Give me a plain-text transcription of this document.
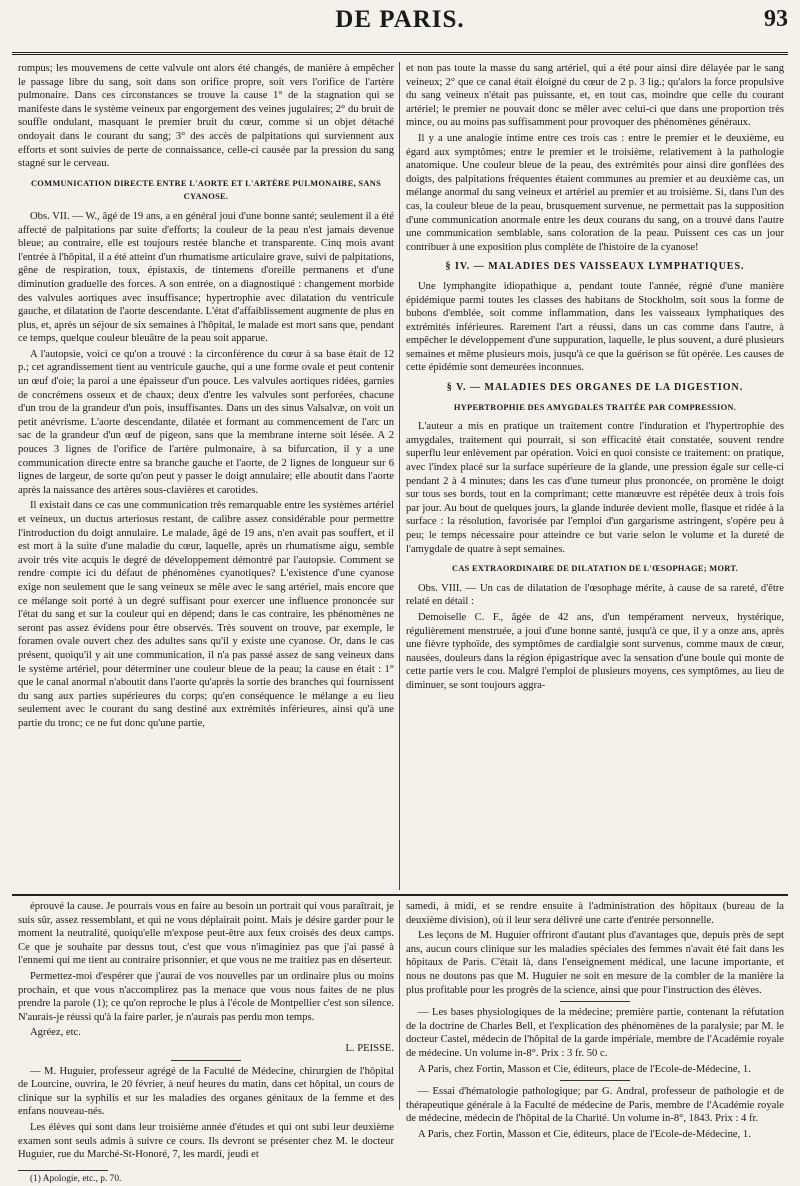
DE PARIS.	93

rompus; les mouvemens de cette valvule ont alors été changés, de manière à empêcher le passage libre du sang, soit dans son orifice propre, soit vers l'orifice de l'artère pulmonaire. Dans ces circonstances se trouve la cause 1° de la stagnation qui se manifeste dans le système veineux par engorgement des veines jugulaires; 2° du bruit de souffle ondulant, masquant le premier bruit du cœur, comme si un objet détaché ondoyait dans le courant du sang; 3° des accès de palpitations qui surviennent aux efforts et sont suivies de perte de connaissance, celle-ci causée par la pression du sang stagné sur le cerveau.

COMMUNICATION DIRECTE ENTRE L'AORTE ET L'ARTÈRE PULMONAIRE, SANS CYANOSE.

Obs. VII. — W., âgé de 19 ans, a en général joui d'une bonne santé; seulement il a été affecté de palpitations par suite d'efforts; la couleur de la peau n'est jamais devenue bleue; au contraire, elle est toujours restée blanche et transparente. Cinq mois avant l'entrée à l'hôpital, il a été atteint d'un rhumatisme articulaire grave, suivi de palpitations, gêne de respiration, toux, épistaxis, de tintemens d'oreille permanens et d'une diminution graduelle des forces. A son entrée, on a diagnostiqué : changement morbide des valvules aortiques avec insuffisance; hypertrophie avec dilatation du ventricule gauche, et dilatation de l'aorte descendante. L'état d'affaiblissement augmente de plus en plus, et, après un séjour de six semaines à l'hôpital, le malade est mort sans que, pendant ce temps, quelque couleur bleuâtre de la peau soit apparue.

A l'autopsie, voici ce qu'on a trouvé : la circonférence du cœur à sa base était de 12 p.; cet agrandissement tient au ventricule gauche, qui a une forme ovale et peut contenir un œuf d'oie; la paroi a une épaisseur d'un pouce. Les valvules aortiques ridées, garnies de concrémens osseux et de chaux; deux d'entre les valvules sont perforées, chacune d'un trou de la grandeur d'un pois, insuffisantes. Dans un des sinus Valsalvæ, on voit un petit anévrisme. L'aorte descendante, dilatée et formant au commencement de l'arc un sac de la grandeur d'un œuf de pigeon, sans que la membrane interne soit lésée. A 2 pouces 3 lignes de l'orifice de l'artère pulmonaire, à sa bifurcation, il y a une communication directe entre sa branche gauche et l'aorte, de 2 lignes de longueur sur 6 lignes de largeur, de sorte qu'on peut y passer le doigt annulaire; elle aboutit dans l'aorte après la naissance des artères sous-clavières et carotides.

Il existait dans ce cas une communication très remarquable entre les systèmes artériel et veineux, un ductus arteriosus restant, de calibre assez considérable pour permettre l'introduction du doigt annulaire. Le malade, âgé de 19 ans, n'en avait pas souffert, et il est mort à la suite d'une maladie du cœur, laquelle, après un rhumatisme aigu, semble avoir très vite acquis le degré de développement démontré par l'autopsie. Comment se rendre compte ici du défaut de phénomènes cyanotiques? L'existence d'une cyanose exige non seulement que le sang veineux se mêle avec le sang artériel, mais encore que ce mélange soit porté à un degré suffisant pour exercer une influence prononcée sur l'état du sang et sur la couleur qui en dépend; dans le cas contraire, les phénomènes ne seront pas assez évidens pour être observés. Très souvent on trouve, par exemple, le foramen ovale ouvert chez des adultes sans qu'il y existe une cyanose. Or, dans le cas présent, quoiqu'il y ait une communication, il n'a pas passé assez de sang veineux dans le système artériel, pour déterminer une couleur bleue de la peau; la cause en était : 1° que le canal anormal n'aboutit dans l'aorte qu'après la sortie des branches qui fournissent du sang aux parties supérieures du corps; qu'en conséquence le mélange a eu lieu seulement avec le courant du sang destiné aux extrémités inférieures, ainsi qu'à une partie du tronc; ce ne fut donc qu'une partie,

et non pas toute la masse du sang artériel, qui a été pour ainsi dire délayée par le sang veineux; 2° que ce canal était éloigné du cœur de 2 p. 3 lig.; qu'alors la force propulsive du sang veineux n'était pas puissante, et, en tout cas, moindre que celle du courant artériel; le premier ne pouvait donc se mêler avec celui-ci que dans une proportion très mince, ou au moins pas suffisamment pour provoquer des phénomènes généraux.

Il y a une analogie intime entre ces trois cas : entre le premier et le deuxième, eu égard aux symptômes; entre le premier et le troisième, relativement à la pathologie anatomique. Une couleur bleue de la peau, des extrémités pour ainsi dire gonflées des doigts, des palpitations fréquentes étaient communes au premier et au deuxième cas, un mélange anormal du sang veineux et artériel au premier et au troisième. Si, dans l'un des cas, la couleur bleue de la peau, brusquement survenue, ne permettait pas la supposition d'une communication anormale entre les deux courans du sang, on a trouvé dans l'autre une communication semblable, sans coloration de la peau. Puissent ces cas un jour contribuer à une exposition plus complète de l'histoire de la cyanose!

§ IV. — MALADIES DES VAISSEAUX LYMPHATIQUES.

Une lymphangite idiopathique a, pendant toute l'année, régné d'une manière épidémique parmi toutes les classes des habitans de Stockholm, soit sous la forme de bubons d'emblée, soit comme inflammation, dans les vaisseaux lymphatiques des extrémités inférieures. Rarement l'art a réussi, dans un cas comme dans l'autre, à empêcher le développement d'une suppuration, laquelle, le plus souvent, a duré plusieurs semaines et même plusieurs mois, jusqu'à ce que la guérison se fût opérée. Les causes de cette épidémie sont demeurées inconnues.

§ V. — MALADIES DES ORGANES DE LA DIGESTION.
HYPERTROPHIE DES AMYGDALES TRAITÉE PAR COMPRESSION.

L'auteur a mis en pratique un traitement contre l'induration et l'hypertrophie des amygdales, traitement qui pourrait, si son efficacité était constatée, souvent rendre superflu leur enlèvement par opération. Voici en quoi consiste ce traitement: on pratique, avec l'index placé sur la surface supérieure de la glande, une pression égale sur celle-ci pendant 2 à 4 minutes; dans les cas d'une tumeur plus prononcée, on promène le doigt sur tous ses bords, tout en la comprimant; cette manœuvre est répétée deux à trois fois par jour. Au bout de quelques jours, la glande indurée devient molle, flasque et ridée à la surface : la résolution, favorisée par l'emploi d'un gargarisme astringent, s'opère peu à peu; le temps nécessaire pour atteindre ce but varie selon le volume et la dureté de l'amygdale de quatre à sept semaines.

CAS EXTRAORDINAIRE DE DILATATION DE L'ŒSOPHAGE; MORT.

Obs. VIII. — Un cas de dilatation de l'œsophage mérite, à cause de sa rareté, d'être relaté en détail :

Demoiselle C. F., âgée de 42 ans, d'un tempérament nerveux, hystérique, régulièrement menstruée, a joui d'une bonne santé, jusqu'à ce que, il y a onze ans, après une fièvre typhoïde, des symptômes de cardialgie sont survenus, comme maux de cœur, nausées, douleurs dans la région épigastrique avec la sensation d'une boule qui monte de cette partie vers le cou. Malgré l'emploi de plusieurs moyens, ces symptômes, au lieu de diminuer, se sont toujours aggra-

éprouvé la cause. Je pourrais vous en faire au besoin un portrait qui vous paraîtrait, je suis sûr, assez ressemblant, et qui ne vous déplairait point. Mais je désire garder pour le moment la neutralité, quoiqu'elle m'expose peut-être aux feux croisés des deux camps. Ce que je souhaite par dessus tout, c'est que vous n'imaginiez pas que j'ai passé à l'ennemi qui me tient au contraire prisonnier, et que vous ne me traitiez pas en déserteur.

Permettez-moi d'espérer que j'aurai de vos nouvelles par un ordinaire plus ou moins prochain, et que vous n'accomplirez pas la menace que vous nous faites de ne plus prendre la parole (1); ce qu'on reproche le plus à l'école de Montpellier c'est son silence. N'aurais-je réussi qu'à la faire parler, je n'aurais pas perdu mon temps.

Agréez, etc.

L. PEISSE.

— M. Huguier, professeur agrégé de la Faculté de Médecine, chirurgien de l'hôpital de Lourcine, ouvrira, le 20 février, à neuf heures du matin, dans cet hôpital, un cours de clinique sur la syphilis et sur les maladies des organes génitaux de la femme et des enfans nouveau-nés.

Les élèves qui sont dans leur troisième année d'études et qui ont subi leur deuxième examen sont seuls admis à suivre ce cours. Ils devront se présenter chez M. le docteur Huguier, rue du Marché-St-Honoré, 7, les mardi, jeudi et

(1) Apologie, etc., p. 70.

samedi, à midi, et se rendre ensuite à l'administration des hôpitaux (bureau de la deuxième division), où il leur sera délivré une carte d'entrée personnelle.

Les leçons de M. Huguier offriront d'autant plus d'avantages que, depuis près de sept ans, aucun cours clinique sur les maladies spéciales des femmes n'avait été fait dans les hôpitaux de Paris. C'était là, dans l'enseignement médical, une lacune importante, et nous ne doutons pas que M. Huguier ne soit en mesure de la combler de la manière la plus profitable pour les progrès de la science, ainsi que pour l'instruction des élèves.

— Les bases physiologiques de la médecine; première partie, contenant la réfutation de la doctrine de Charles Bell, et l'explication des phénomènes de la paralysie; par M. le docteur Castel, médecin de l'hôpital de la garde impériale, membre de l'Académie royale de médecine. Un volume in-8°. Prix : 3 fr. 50 c.

A Paris, chez Fortin, Masson et Cie, éditeurs, place de l'Ecole-de-Médecine, 1.

— Essai d'hématologie pathologique; par G. Andral, professeur de pathologie et de thérapeutique générale à la Faculté de médecine de Paris, membre de l'Académie royale de médecine, médecin de l'hôpital de la Charité. Un volume in-8°, 1843. Prix : 4 fr.

A Paris, chez Fortin, Masson et Cie, éditeurs, place de l'Ecole-de-Médecine, 1.
